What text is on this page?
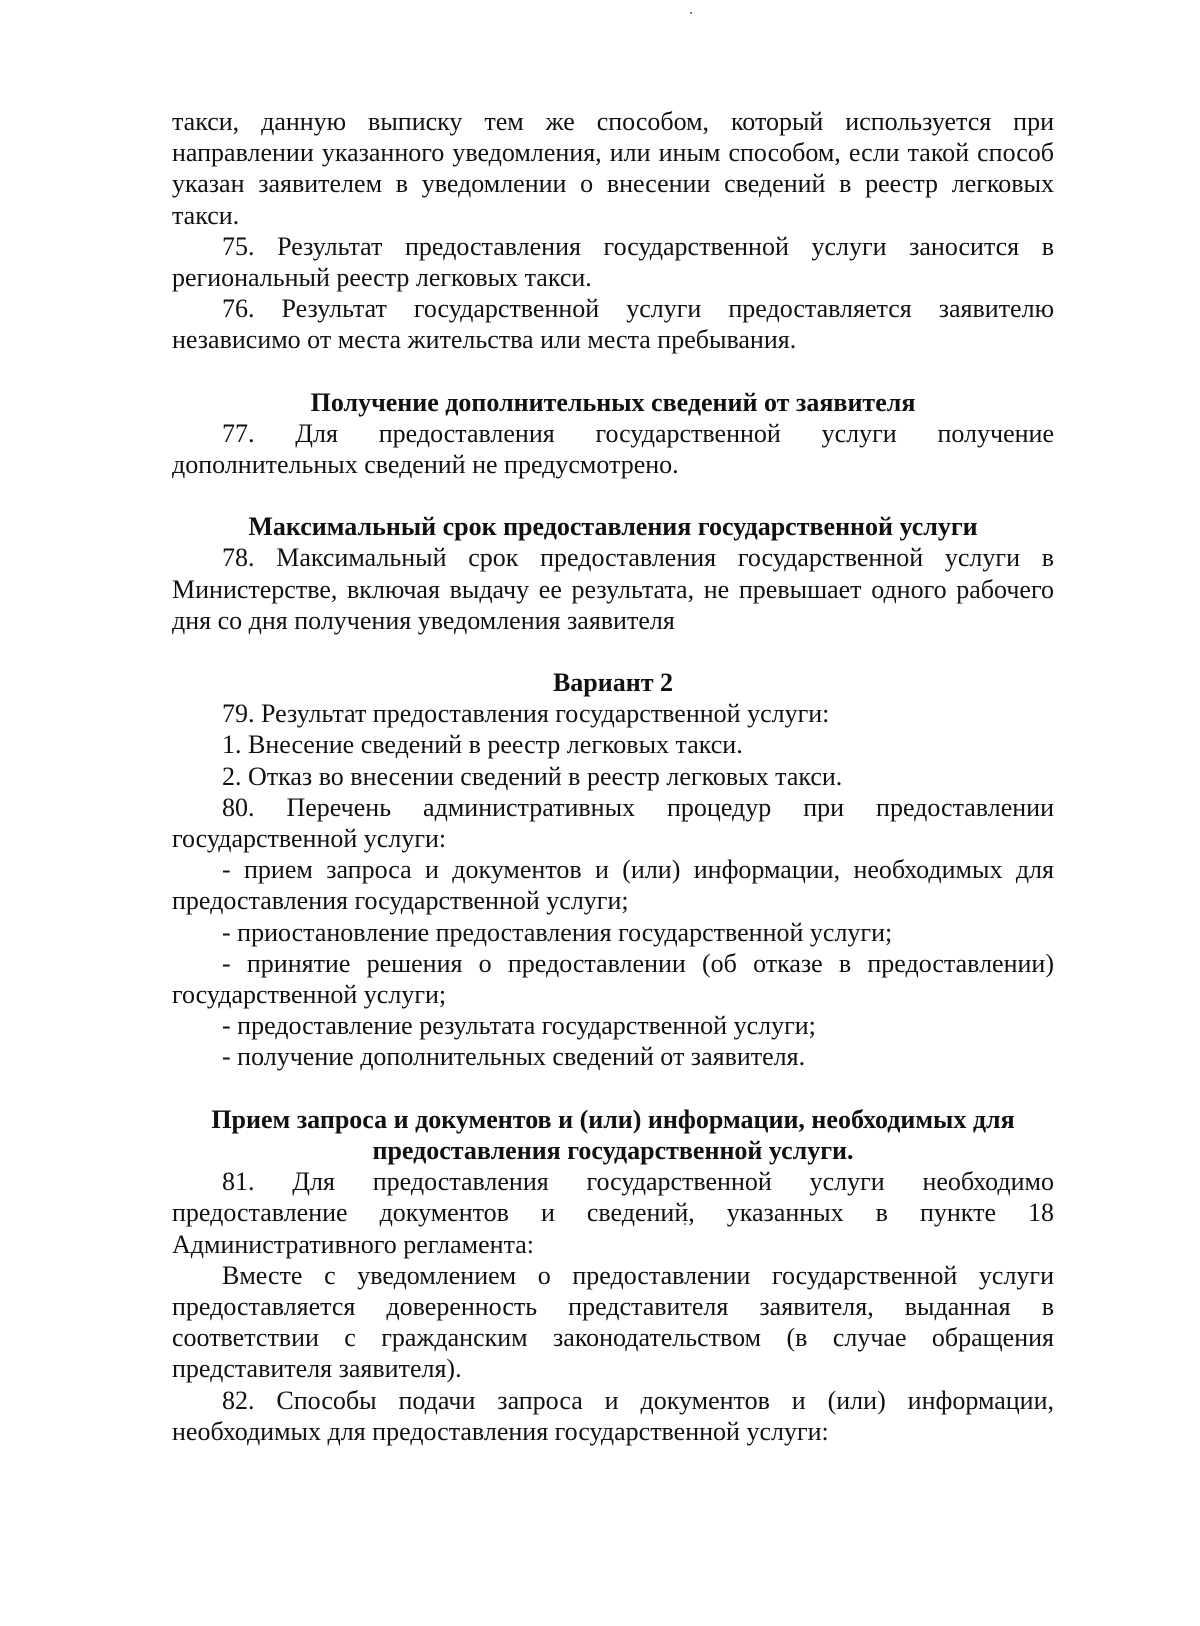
такси, данную выписку тем же способом, который используется при направлении указанного уведомления, или иным способом, если такой способ указан заявителем в уведомлении о внесении сведений в реестр легковых такси.

75. Результат предоставления государственной услуги заносится в региональный реестр легковых такси.

76. Результат государственной услуги предоставляется заявителю независимо от места жительства или места пребывания.

Получение дополнительных сведений от заявителя

77. Для предоставления государственной услуги получение дополнительных сведений не предусмотрено.

Максимальный срок предоставления государственной услуги

78. Максимальный срок предоставления государственной услуги в Министерстве, включая выдачу ее результата, не превышает одного рабочего дня со дня получения уведомления заявителя

Вариант 2

79. Результат предоставления государственной услуги:

1. Внесение сведений в реестр легковых такси.

2. Отказ во внесении сведений в реестр легковых такси.

80. Перечень административных процедур при предоставлении государственной услуги:

- прием запроса и документов и (или) информации, необходимых для предоставления государственной услуги;

- приостановление предоставления государственной услуги;

- принятие решения о предоставлении (об отказе в предоставлении) государственной услуги;

- предоставление результата государственной услуги;

- получение дополнительных сведений от заявителя.

Прием запроса и документов и (или) информации, необходимых для

предоставления государственной услуги.

81. Для предоставления государственной услуги необходимо предоставление документов и сведений, указанных в пункте 18 Административного регламента:

Вместе с уведомлением о предоставлении государственной услуги предоставляется доверенность представителя заявителя, выданная в соответствии с гражданским законодательством (в случае обращения представителя заявителя).

82. Способы подачи запроса и документов и (или) информации, необходимых для предоставления государственной услуги:
